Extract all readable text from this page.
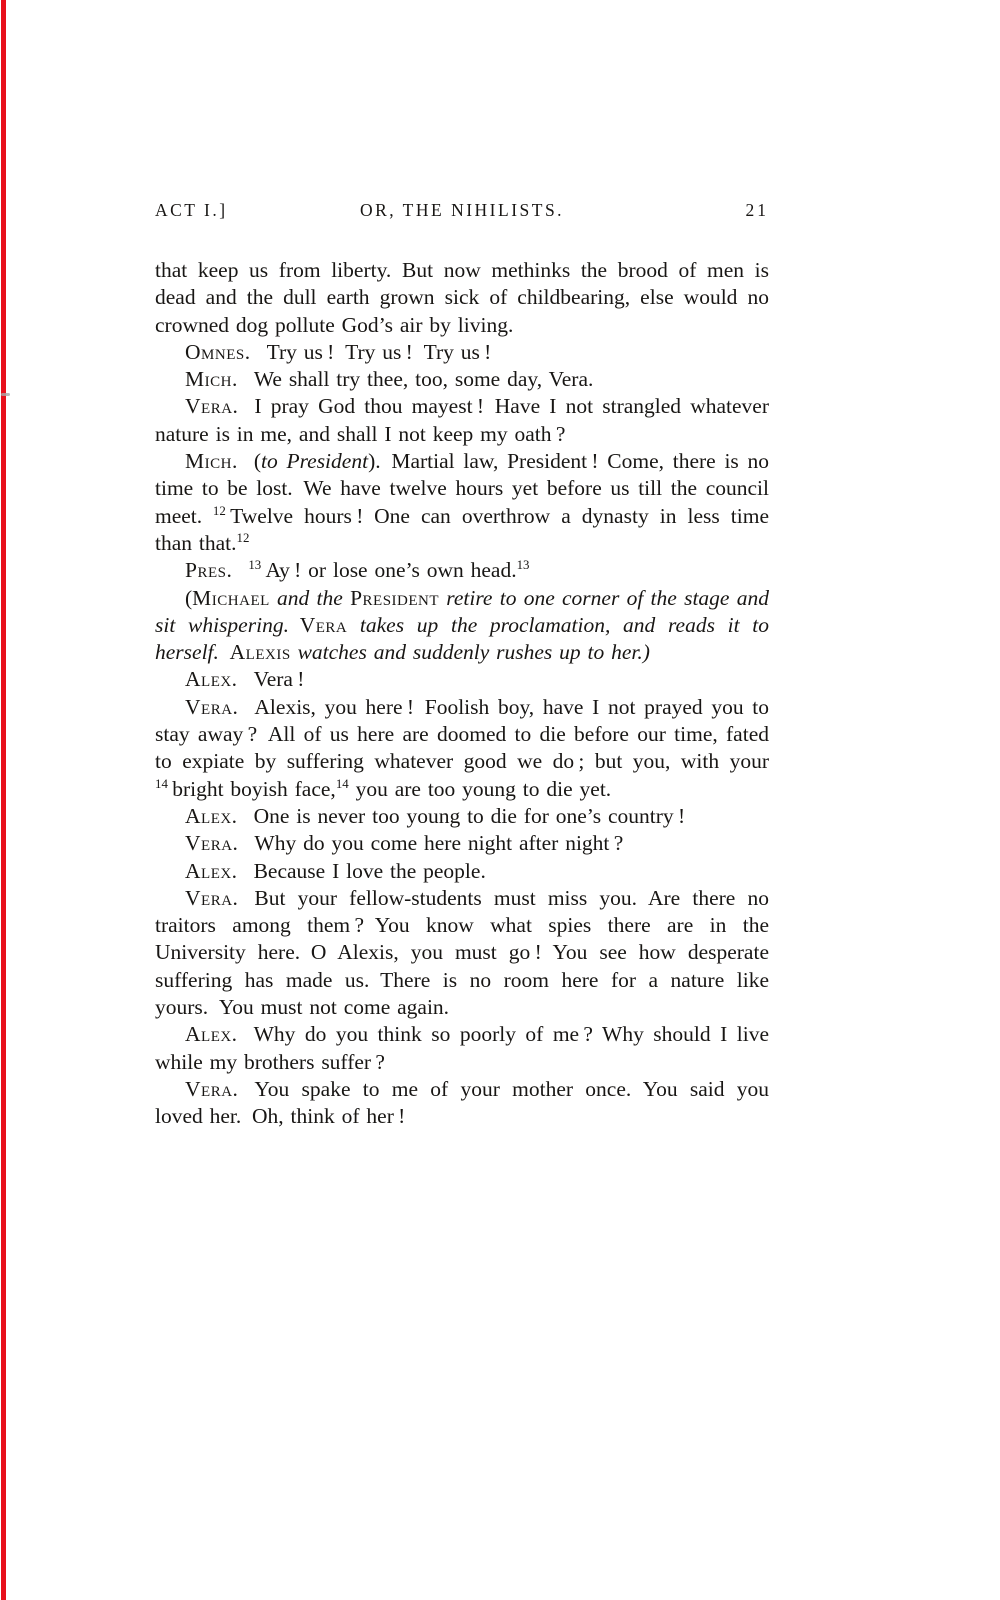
ACT I.]	OR, THE NIHILISTS.	21

that keep us from liberty. But now methinks the brood of men is dead and the dull earth grown sick of childbearing, else would no crowned dog pollute God’s air by living.

Omnes. Try us ! Try us ! Try us !

Mich. We shall try thee, too, some day, Vera.

Vera. I pray God thou mayest ! Have I not strangled whatever nature is in me, and shall I not keep my oath ?

Mich. (to President). Martial law, President ! Come, there is no time to be lost. We have twelve hours yet before us till the council meet. $^{12}$ Twelve hours ! One can overthrow a dynasty in less time than that.$^{12}$

Pres. $^{13}$ Ay ! or lose one’s own head.$^{13}$

(Michael and the President retire to one corner of the stage and sit whispering. Vera takes up the proclamation, and reads it to herself. Alexis watches and suddenly rushes up to her.)

Alex. Vera !

Vera. Alexis, you here ! Foolish boy, have I not prayed you to stay away ? All of us here are doomed to die before our time, fated to expiate by suffering whatever good we do ; but you, with your $^{14}$ bright boyish face,$^{14}$ you are too young to die yet.

Alex. One is never too young to die for one’s country !

Vera. Why do you come here night after night ?

Alex. Because I love the people.

Vera. But your fellow-students must miss you. Are there no traitors among them ? You know what spies there are in the University here. O Alexis, you must go ! You see how desperate suffering has made us. There is no room here for a nature like yours. You must not come again.

Alex. Why do you think so poorly of me ? Why should I live while my brothers suffer ?

Vera. You spake to me of your mother once. You said you loved her. Oh, think of her !
